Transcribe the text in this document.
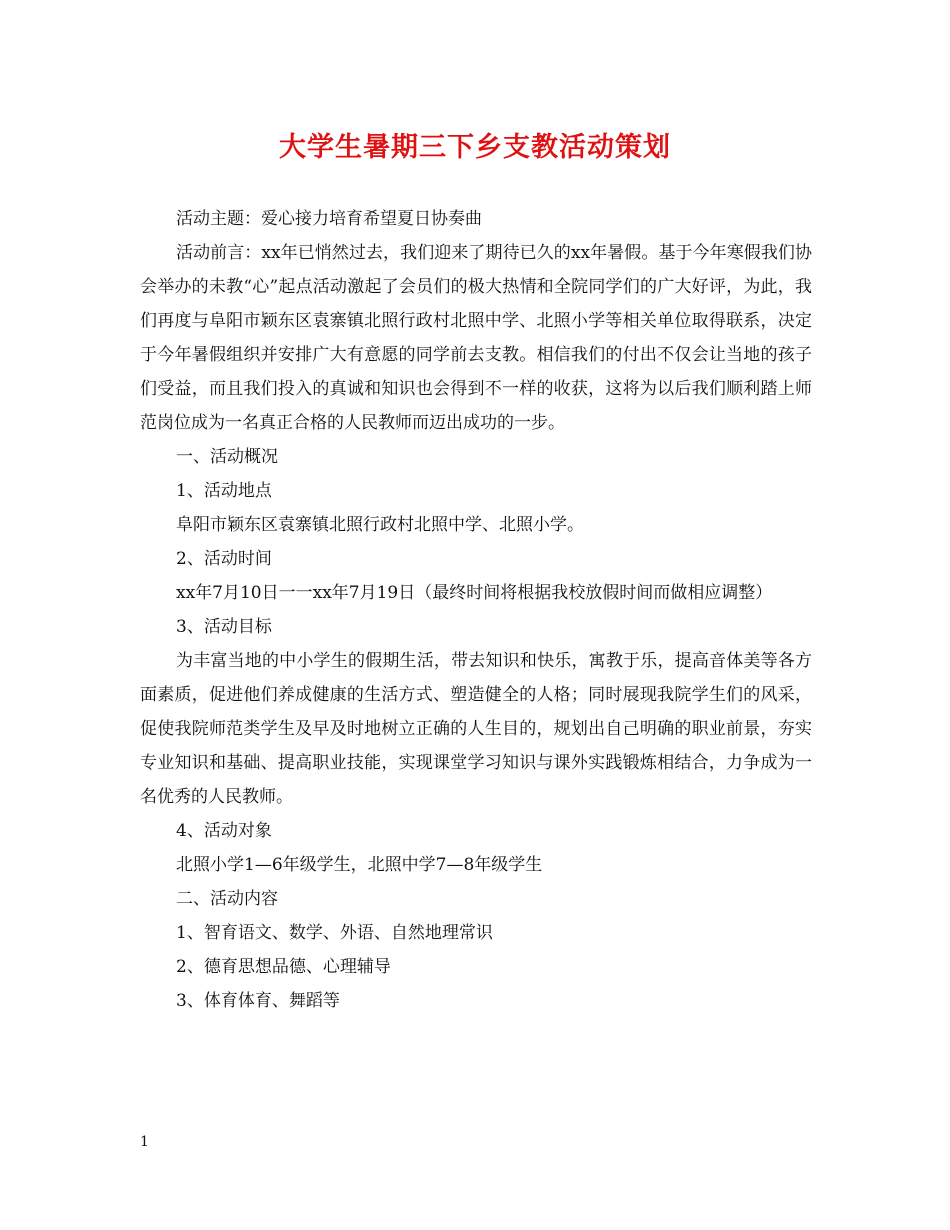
大学生暑期三下乡支教活动策划

活动主题：爱心接力培育希望夏日协奏曲

活动前言：xx年已悄然过去，我们迎来了期待已久的xx年暑假。基于今年寒假我们协会举办的未教“心”起点活动激起了会员们的极大热情和全院同学们的广大好评，为此，我们再度与阜阳市颖东区袁寨镇北照行政村北照中学、北照小学等相关单位取得联系，决定于今年暑假组织并安排广大有意愿的同学前去支教。相信我们的付出不仅会让当地的孩子们受益，而且我们投入的真诚和知识也会得到不一样的收获，这将为以后我们顺利踏上师范岗位成为一名真正合格的人民教师而迈出成功的一步。

一、活动概况

1、活动地点

阜阳市颖东区袁寨镇北照行政村北照中学、北照小学。

2、活动时间

xx年7月10日一一xx年7月19日（最终时间将根据我校放假时间而做相应调整）

3、活动目标

为丰富当地的中小学生的假期生活，带去知识和快乐，寓教于乐，提高音体美等各方面素质，促进他们养成健康的生活方式、塑造健全的人格；同时展现我院学生们的风采，促使我院师范类学生及早及时地树立正确的人生目的，规划出自己明确的职业前景，夯实专业知识和基础、提高职业技能，实现课堂学习知识与课外实践锻炼相结合，力争成为一名优秀的人民教师。

4、活动对象

北照小学1—6年级学生，北照中学7—8年级学生

二、活动内容

1、智育语文、数学、外语、自然地理常识

2、德育思想品德、心理辅导

3、体育体育、舞蹈等

1
